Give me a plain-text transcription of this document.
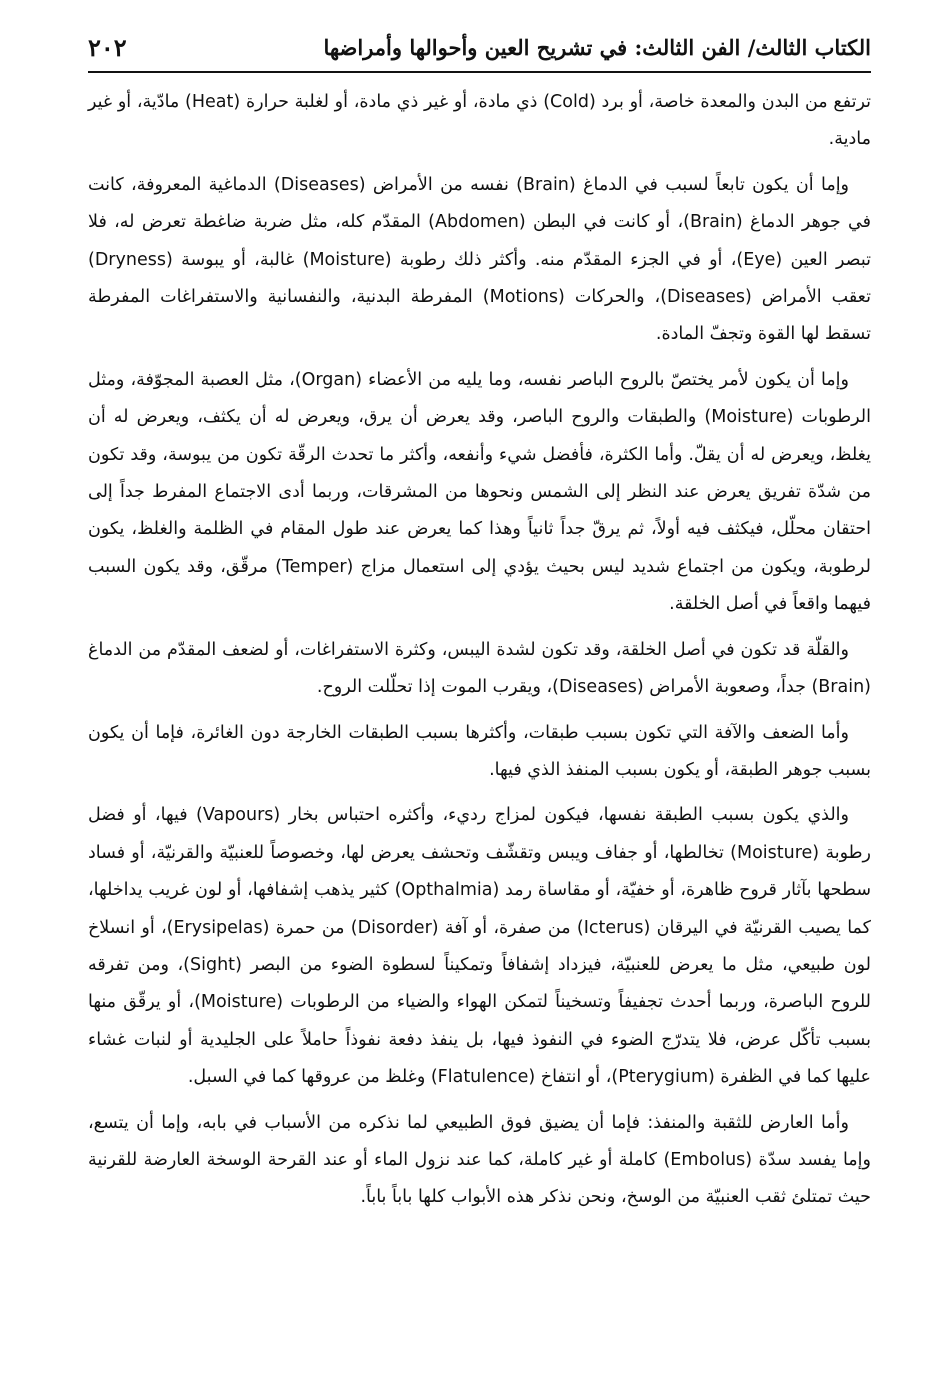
٢٠٢	الكتاب الثالث/ الفن الثالث: في تشريح العين وأحوالها وأمراضها

ترتفع من البدن والمعدة خاصة، أو برد (Cold) ذي مادة، أو غير ذي مادة، أو لغلبة حرارة (Heat) مادّية، أو غير مادية.

وإما أن يكون تابعاً لسبب في الدماغ (Brain) نفسه من الأمراض (Diseases) الدماغية المعروفة، كانت في جوهر الدماغ (Brain)، أو كانت في البطن (Abdomen) المقدّم كله، مثل ضربة ضاغطة تعرض له، فلا تبصر العين (Eye)، أو في الجزء المقدّم منه. وأكثر ذلك رطوبة (Moisture) غالبة، أو يبوسة (Dryness) تعقب الأمراض (Diseases)، والحركات (Motions) المفرطة البدنية، والنفسانية والاستفراغات المفرطة تسقط لها القوة وتجفّ المادة.

وإما أن يكون لأمر يختصّ بالروح الباصر نفسه، وما يليه من الأعضاء (Organ)، مثل العصبة المجوّفة، ومثل الرطوبات (Moisture) والطبقات والروح الباصر، وقد يعرض أن يرق، ويعرض له أن يكثف، ويعرض له أن يغلظ، ويعرض له أن يقلّ. وأما الكثرة، فأفضل شيء وأنفعه، وأكثر ما تحدث الرقّة تكون من يبوسة، وقد تكون من شدّة تفريق يعرض عند النظر إلى الشمس ونحوها من المشرقات، وربما أدى الاجتماع المفرط جداً إلى احتقان محلّل، فيكثف فيه أولاً، ثم يرقّ جداً ثانياً وهذا كما يعرض عند طول المقام في الظلمة والغلظ، يكون لرطوبة، ويكون من اجتماع شديد ليس بحيث يؤدي إلى استعمال مزاج (Temper) مرقّق، وقد يكون السبب فيهما واقعاً في أصل الخلقة.

والقلّة قد تكون في أصل الخلقة، وقد تكون لشدة اليبس، وكثرة الاستفراغات، أو لضعف المقدّم من الدماغ (Brain) جداً، وصعوبة الأمراض (Diseases)، ويقرب الموت إذا تحلّلت الروح.

وأما الضعف والآفة التي تكون بسبب طبقات، وأكثرها بسبب الطبقات الخارجة دون الغائرة، فإما أن يكون بسبب جوهر الطبقة، أو يكون بسبب المنفذ الذي فيها.

والذي يكون بسبب الطبقة نفسها، فيكون لمزاج رديء، وأكثره احتباس بخار (Vapours) فيها، أو فضل رطوبة (Moisture) تخالطها، أو جفاف ويبس وتقشّف وتحشف يعرض لها، وخصوصاً للعنبيّة والقرنيّة، أو فساد سطحها بآثار قروح ظاهرة، أو خفيّة، أو مقاساة رمد (Opthalmia) كثير يذهب إشفافها، أو لون غريب يداخلها، كما يصيب القرنيّة في اليرقان (Icterus) من صفرة، أو آفة (Disorder) من حمرة (Erysipelas)، أو انسلاخ لون طبيعي، مثل ما يعرض للعنبيّة، فيزداد إشفافاً وتمكيناً لسطوة الضوء من البصر (Sight)، ومن تفرقه للروح الباصرة، وربما أحدث تجفيفاً وتسخيناً لتمكن الهواء والضياء من الرطوبات (Moisture)، أو يرقّق منها بسبب تأكّل عرض، فلا يتدرّج الضوء في النفوذ فيها، بل ينفذ دفعة نفوذاً حاملاً على الجليدية أو لنبات غشاء عليها كما في الظفرة (Pterygium)، أو انتفاخ (Flatulence) وغلظ من عروقها كما في السبل.

وأما العارض للثقبة والمنفذ: فإما أن يضيق فوق الطبيعي لما نذكره من الأسباب في بابه، وإما أن يتسع، وإما يفسد سدّة (Embolus) كاملة أو غير كاملة، كما عند نزول الماء أو عند القرحة الوسخة العارضة للقرنية حيث تمتلئ ثقب العنبيّة من الوسخ، ونحن نذكر هذه الأبواب كلها باباً باباً.
